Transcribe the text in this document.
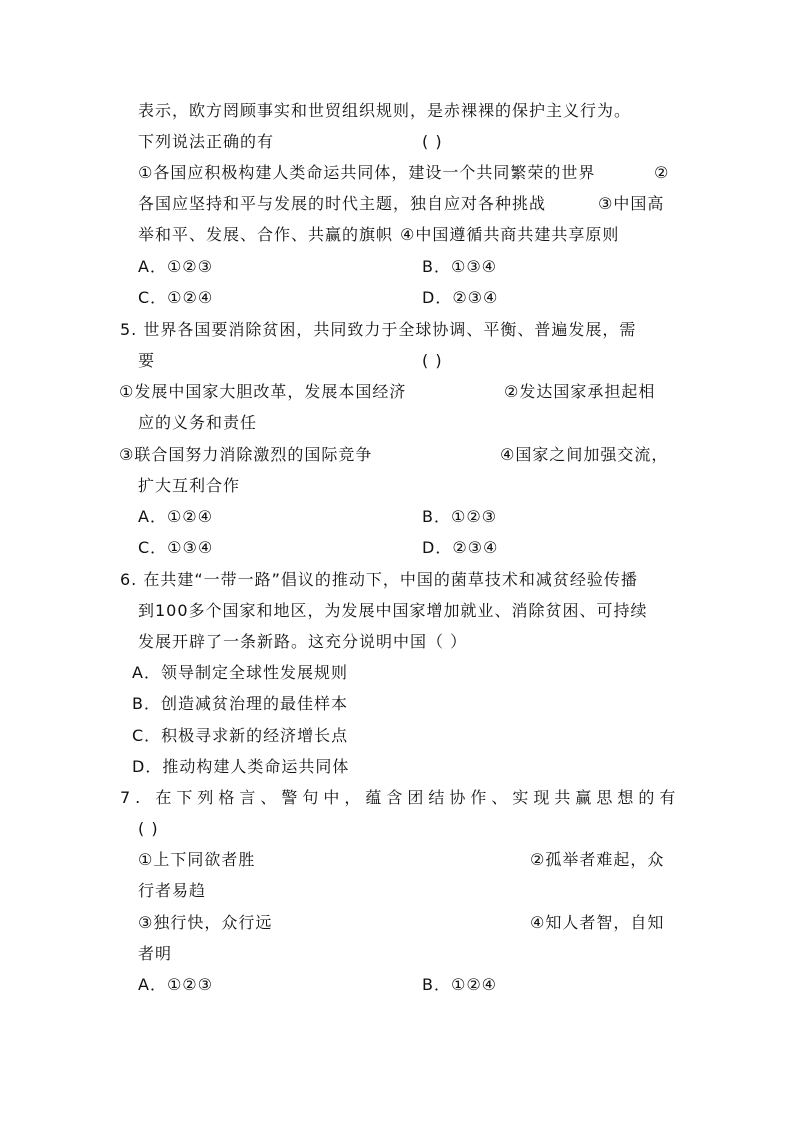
表示，欧方罔顾事实和世贸组织规则，是赤裸裸的保护主义行为。
下列说法正确的有	( )
①各国应积极构建人类命运共同体，建设一个共同繁荣的世界	②
各国应坚持和平与发展的时代主题，独自应对各种挑战	③中国高
举和平、发展、合作、共赢的旗帜 ④中国遵循共商共建共享原则
A．①②③	B．①③④
C．①②④	D．②③④
5. 世界各国要消除贫困，共同致力于全球协调、平衡、普遍发展，需
要	( )
①发展中国家大胆改革，发展本国经济	②发达国家承担起相
应的义务和责任
③联合国努力消除激烈的国际竞争	④国家之间加强交流，
扩大互利合作
A．①②④	B．①②③
C．①③④	D．②③④
6. 在共建“一带一路”倡议的推动下，中国的菌草技术和减贫经验传播
到100多个国家和地区，为发展中国家增加就业、消除贫困、可持续
发展开辟了一条新路。这充分说明中国（ ）
A．领导制定全球性发展规则
B．创造减贫治理的最佳样本
C．积极寻求新的经济增长点
D．推动构建人类命运共同体
7. 在下列格言、警句中，蕴含团结协作、实现共赢思想的有
( )
①上下同欲者胜	②孤举者难起，众
行者易趋
③独行快，众行远	④知人者智，自知
者明
A．①②③	B．①②④
